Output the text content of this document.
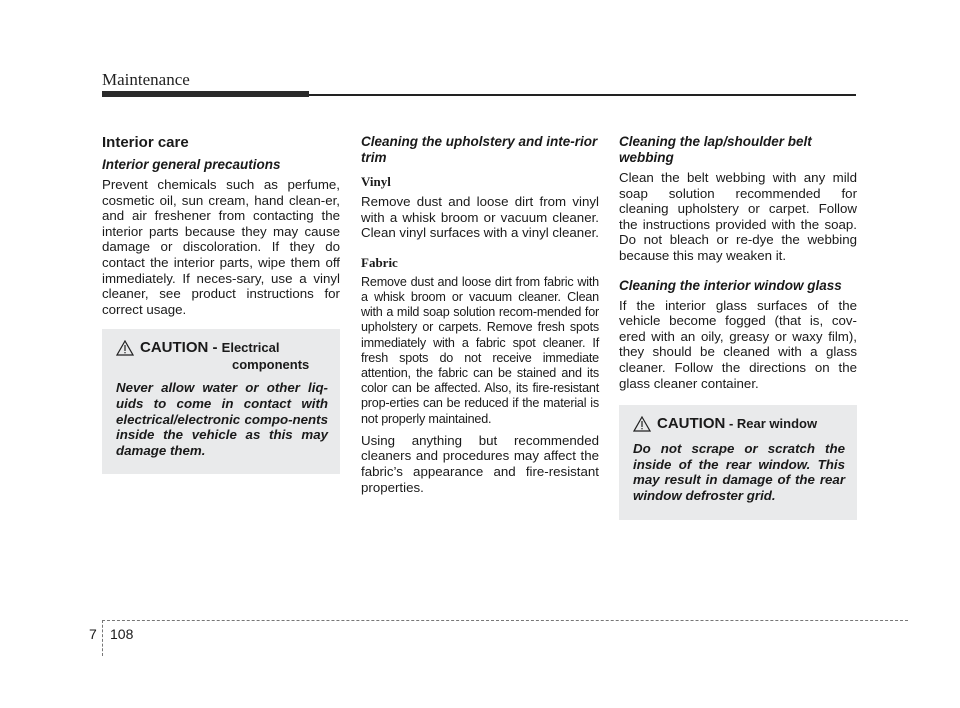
Maintenance
Interior care
Interior general precautions

Prevent chemicals such as perfume, cosmetic oil, sun cream, hand clean-er, and air freshener from contacting the interior parts because they may cause damage or discoloration. If they do contact the interior parts, wipe them off immediately. If neces-sary, use a vinyl cleaner, see product instructions for correct usage.

CAUTION - Electrical
components

Never allow water or other liq-uids to come in contact with electrical/electronic compo-nents inside the vehicle as this may damage them.

Cleaning the upholstery and inte-rior trim
Vinyl

Remove dust and loose dirt from vinyl with a whisk broom or vacuum cleaner. Clean vinyl surfaces with a vinyl cleaner.

Fabric

Remove dust and loose dirt from fabric with a whisk broom or vacuum cleaner. Clean with a mild soap solution recom-mended for upholstery or carpets. Remove fresh spots immediately with a fabric spot cleaner. If fresh spots do not receive immediate attention, the fabric can be stained and its color can be affected. Also, its fire-resistant prop-erties can be reduced if the material is not properly maintained.

Using anything but recommended cleaners and procedures may affect the fabric’s appearance and fire-resistant properties.

Cleaning the lap/shoulder belt webbing

Clean the belt webbing with any mild soap solution recommended for cleaning upholstery or carpet. Follow the instructions provided with the soap. Do not bleach or re-dye the webbing because this may weaken it.

Cleaning the interior window glass

If the interior glass surfaces of the vehicle become fogged (that is, cov-ered with an oily, greasy or waxy film), they should be cleaned with a glass cleaner. Follow the directions on the glass cleaner container.

CAUTION - Rear window

Do not scrape or scratch the inside of the rear window. This may result in damage of the rear window defroster grid.

7 108
